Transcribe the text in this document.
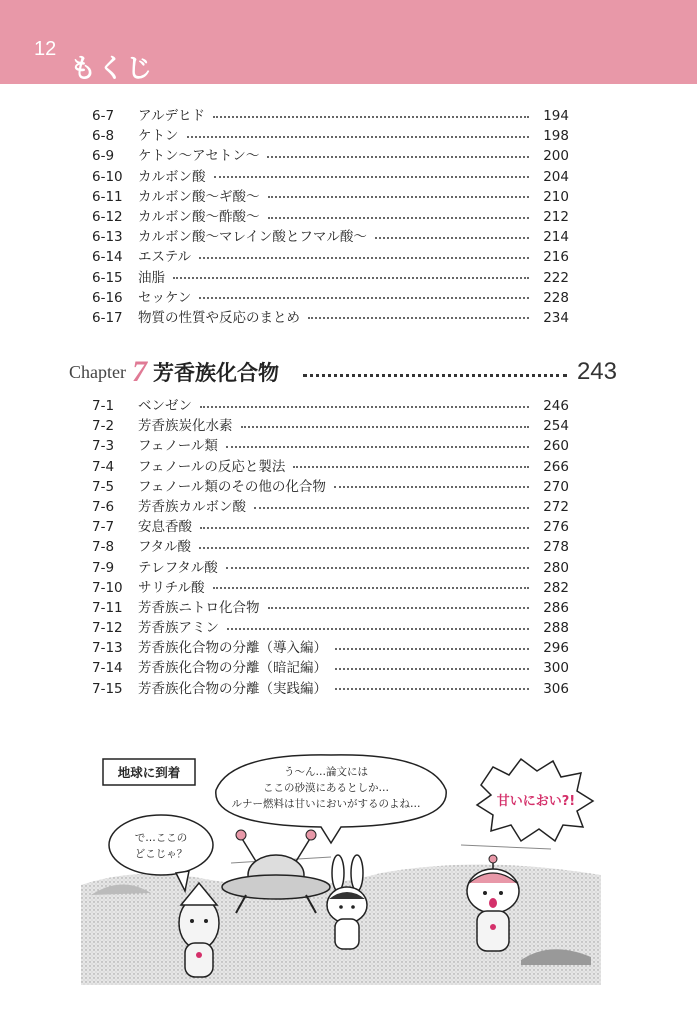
12
もくじ
6-7	アルデヒド	194
6-8	ケトン	198
6-9	ケトン〜アセトン〜	200
6-10	カルボン酸	204
6-11	カルボン酸〜ギ酸〜	210
6-12	カルボン酸〜酢酸〜	212
6-13	カルボン酸〜マレイン酸とフマル酸〜	214
6-14	エステル	216
6-15	油脂	222
6-16	セッケン	228
6-17	物質の性質や反応のまとめ	234
Chapter 7 芳香族化合物	243
7-1	ベンゼン	246
7-2	芳香族炭化水素	254
7-3	フェノール類	260
7-4	フェノールの反応と製法	266
7-5	フェノール類のその他の化合物	270
7-6	芳香族カルボン酸	272
7-7	安息香酸	276
7-8	フタル酸	278
7-9	テレフタル酸	280
7-10	サリチル酸	282
7-11	芳香族ニトロ化合物	286
7-12	芳香族アミン	288
7-13	芳香族化合物の分離（導入編）	296
7-14	芳香族化合物の分離（暗記編）	300
7-15	芳香族化合物の分離（実践編）	306
地球に到着
で…ここの
どこじゃ？
う〜ん…論文には
ここの砂漠にあるとしか…
ルナー燃料は甘いにおいがするのよね…	甘いにおい?!
